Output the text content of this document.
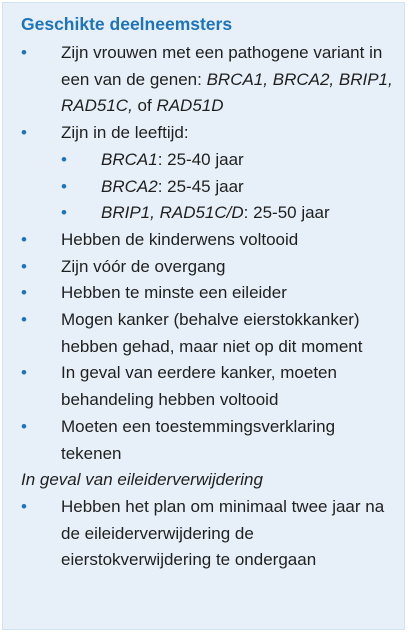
Geschikte deelneemsters
• Zijn vrouwen met een pathogene variant in een van de genen: BRCA1, BRCA2, BRIP1, RAD51C, of RAD51D
• Zijn in de leeftijd:
• BRCA1: 25-40 jaar
• BRCA2: 25-45 jaar
• BRIP1, RAD51C/D: 25-50 jaar
• Hebben de kinderwens voltooid
• Zijn vóór de overgang
• Hebben te minste een eileider
• Mogen kanker (behalve eierstokkanker) hebben gehad, maar niet op dit moment
• In geval van eerdere kanker, moeten behandeling hebben voltooid
• Moeten een toestemmingsverklaring tekenen
In geval van eileiderverwijdering
• Hebben het plan om minimaal twee jaar na de eileiderverwijdering de eierstokverwijdering te ondergaan
